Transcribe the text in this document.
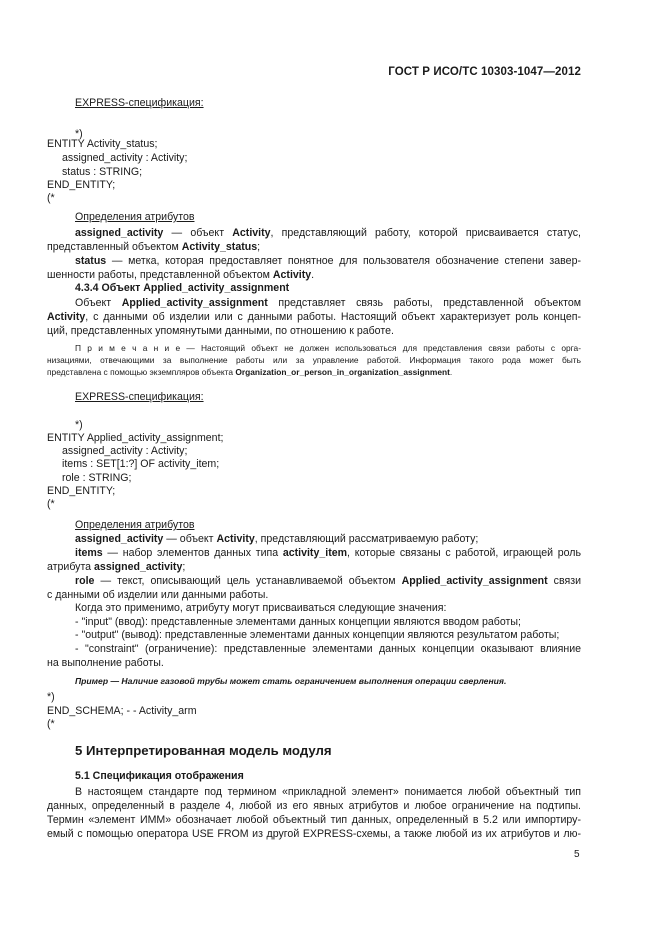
ГОСТ Р ИСО/ТС 10303-1047—2012
EXPRESS-спецификация:
*)
ENTITY Activity_status;
assigned_activity : Activity;
status : STRING;
END_ENTITY;
(*
Определения атрибутов
assigned_activity — объект Activity, представляющий работу, которой присваивается статус,
представленный объектом Activity_status;
status — метка, которая предоставляет понятное для пользователя обозначение степени завер-
шенности работы, представленной объектом Activity.
4.3.4 Объект Applied_activity_assignment
Объект Applied_activity_assignment представляет связь работы, представленной объектом
Activity, с данными об изделии или с данными работы. Настоящий объект характеризует роль концеп-
ций, представленных упомянутыми данными, по отношению к работе.
П р и м е ч а н и е — Настоящий объект не должен использоваться для представления связи работы с орга-
низациями, отвечающими за выполнение работы или за управление работой. Информация такого рода может быть
представлена с помощью экземпляров объекта Organization_or_person_in_organization_assignment.
EXPRESS-спецификация:
*)
ENTITY Applied_activity_assignment;
assigned_activity : Activity;
items : SET[1:?] OF activity_item;
role : STRING;
END_ENTITY;
(*
Определения атрибутов
assigned_activity — объект Activity, представляющий рассматриваемую работу;
items — набор элементов данных типа activity_item, которые связаны с работой, играющей роль
атрибута assigned_activity;
role — текст, описывающий цель устанавливаемой объектом Applied_activity_assignment связи
с данными об изделии или данными работы.
Когда это применимо, атрибуту могут присваиваться следующие значения:
- "input" (ввод): представленные элементами данных концепции являются вводом работы;
- "output" (вывод): представленные элементами данных концепции являются результатом работы;
- "constraint" (ограничение): представленные элементами данных концепции оказывают влияние
на выполнение работы.
Пример — Наличие газовой трубы может стать ограничением выполнения операции сверления.
*)
END_SCHEMA; - - Activity_arm
(*
5 Интерпретированная модель модуля
5.1 Спецификация отображения
В настоящем стандарте под термином «прикладной элемент» понимается любой объектный тип
данных, определенный в разделе 4, любой из его явных атрибутов и любое ограничение на подтипы.
Термин «элемент ИММ» обозначает любой объектный тип данных, определенный в 5.2 или импортиру-
емый с помощью оператора USE FROM из другой EXPRESS-схемы, а также любой из их атрибутов и лю-
5
